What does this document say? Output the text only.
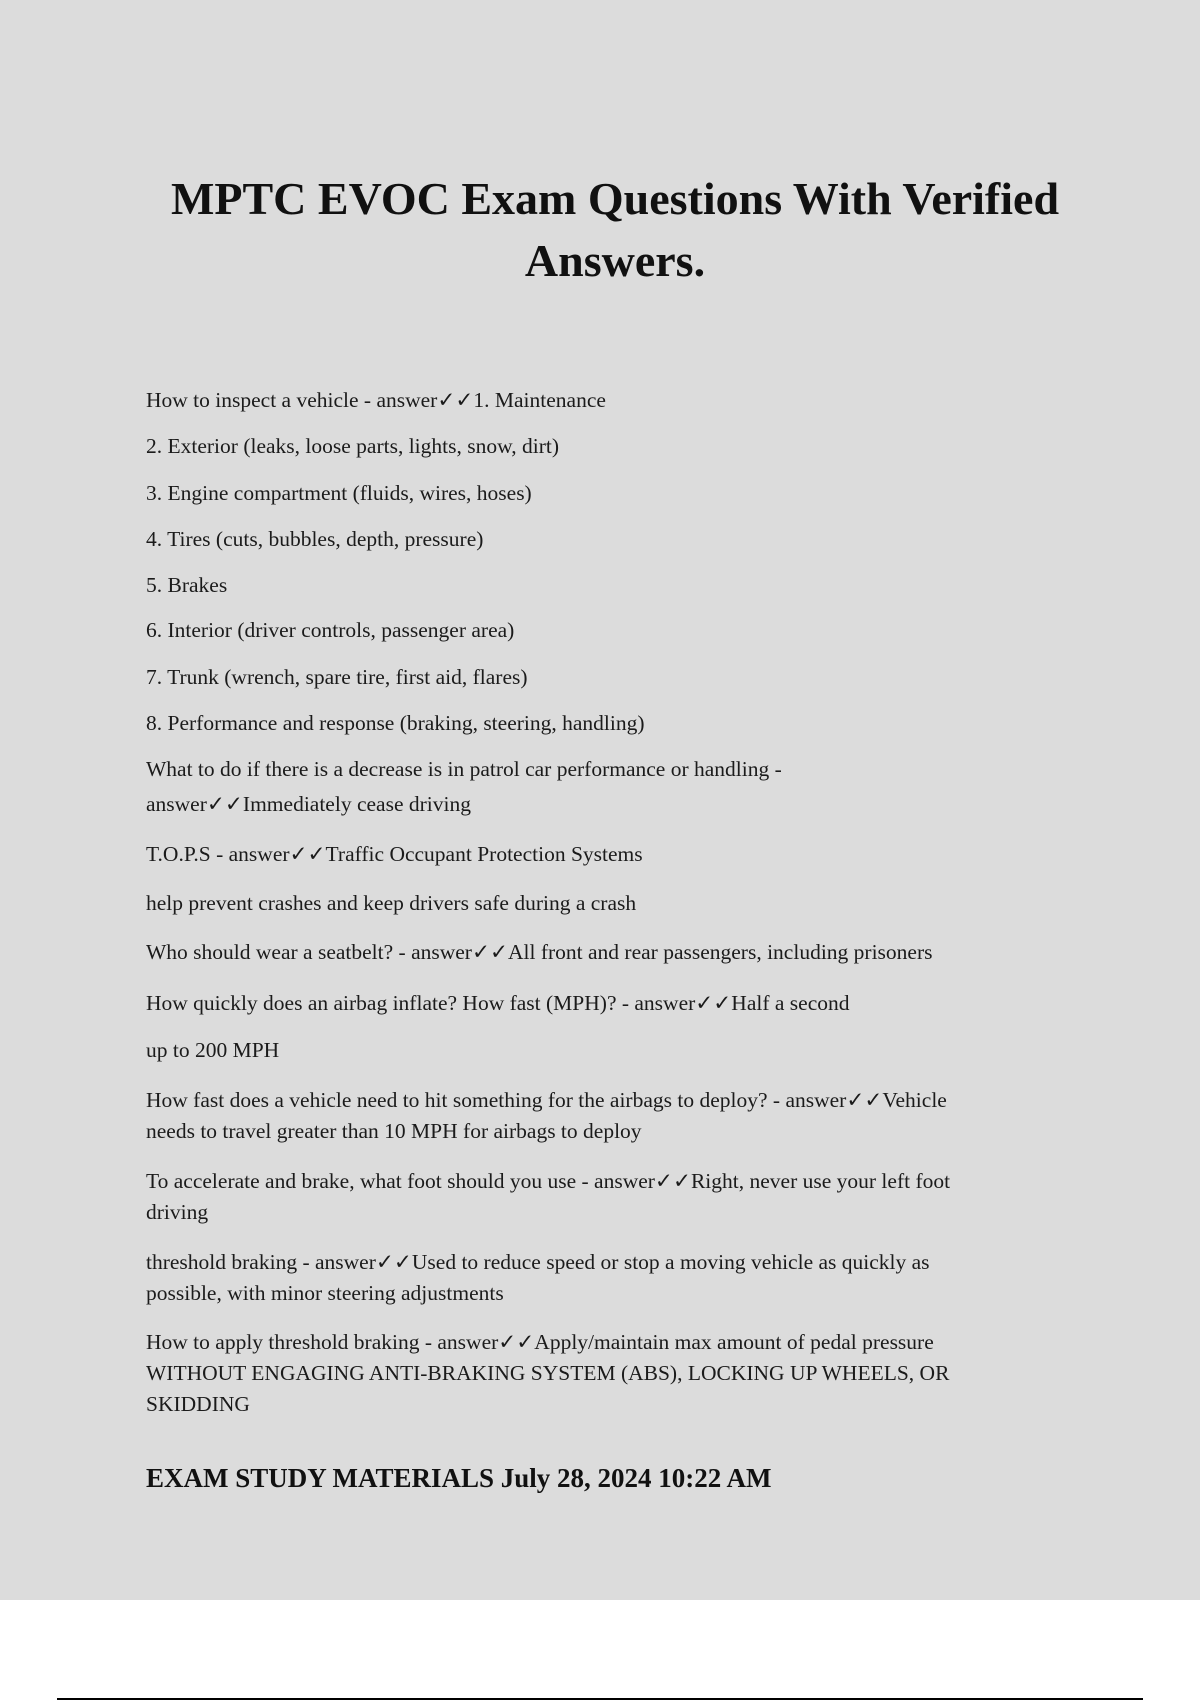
MPTC EVOC Exam Questions With Verified
Answers.

How to inspect a vehicle - answer✓✓1. Maintenance

2. Exterior (leaks, loose parts, lights, snow, dirt)

3. Engine compartment (fluids, wires, hoses)

4. Tires (cuts, bubbles, depth, pressure)

5. Brakes

6. Interior (driver controls, passenger area)

7. Trunk (wrench, spare tire, first aid, flares)

8. Performance and response (braking, steering, handling)

What to do if there is a decrease is in patrol car performance or handling -

answer✓✓Immediately cease driving

T.O.P.S - answer✓✓Traffic Occupant Protection Systems

help prevent crashes and keep drivers safe during a crash

Who should wear a seatbelt? - answer✓✓All front and rear passengers, including prisoners

How quickly does an airbag inflate? How fast (MPH)? - answer✓✓Half a second

up to 200 MPH

How fast does a vehicle need to hit something for the airbags to deploy? - answer✓✓Vehicle

needs to travel greater than 10 MPH for airbags to deploy

To accelerate and brake, what foot should you use - answer✓✓Right, never use your left foot

driving

threshold braking - answer✓✓Used to reduce speed or stop a moving vehicle as quickly as

possible, with minor steering adjustments

How to apply threshold braking - answer✓✓Apply/maintain max amount of pedal pressure

WITHOUT ENGAGING ANTI-BRAKING SYSTEM (ABS), LOCKING UP WHEELS, OR

SKIDDING

EXAM STUDY MATERIALS July 28, 2024 10:22 AM
